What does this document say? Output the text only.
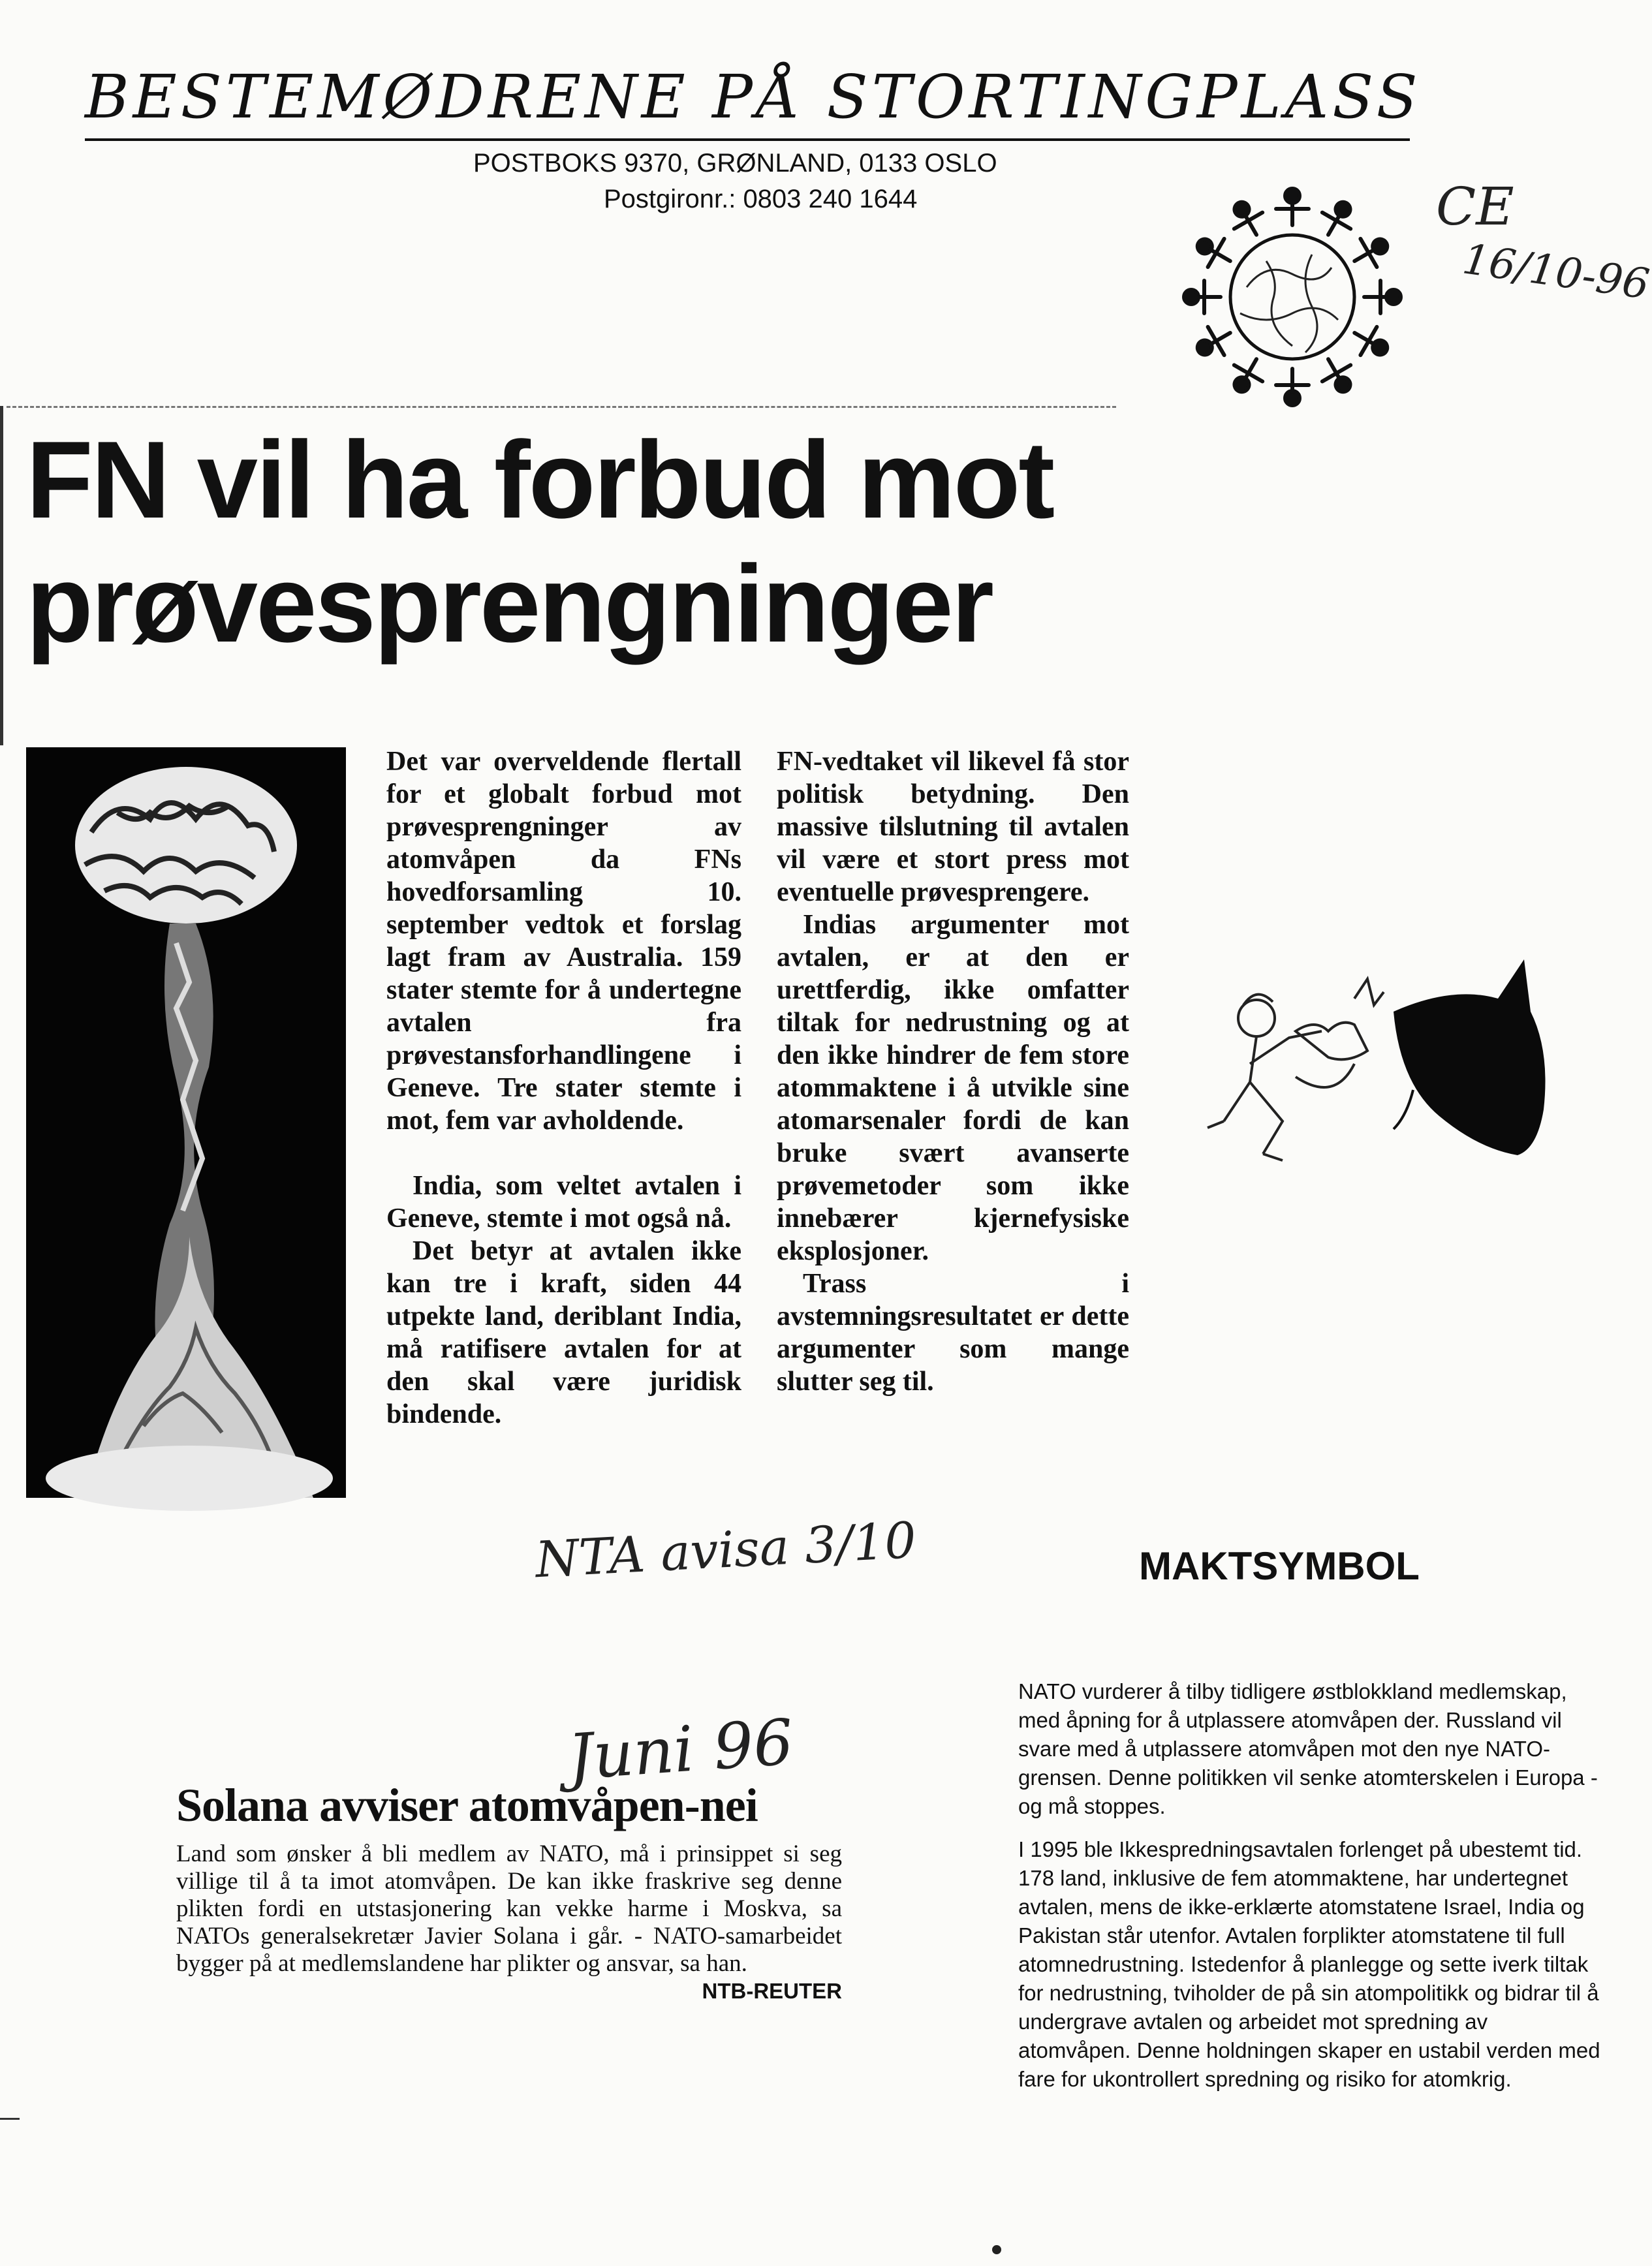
BESTEMØDRENE PÅ STORTINGPLASS
POSTBOKS 9370, GRØNLAND, 0133 OSLO
Postgironr.: 0803 240 1644	CE
16/10-96
FN vil ha forbud mot
prøvesprengninger

Det var overveldende flertall for et globalt forbud mot prøvesprengninger av atomvåpen da FNs hovedforsamling 10. september vedtok et forslag lagt fram av Australia. 159 stater stemte for å undertegne avtalen fra prøvestansforhandlingene i Geneve. Tre stater stemte i mot, fem var avholdende.

India, som veltet avtalen i Geneve, stemte i mot også nå.

Det betyr at avtalen ikke kan tre i kraft, siden 44 utpekte land, deriblant India, må ratifisere avtalen for at den skal være juridisk bindende.

FN-vedtaket vil likevel få stor politisk betydning. Den massive tilslutning til avtalen vil være et stort press mot eventuelle prøvesprengere.

Indias argumenter mot avtalen, er at den er urettferdig, ikke omfatter tiltak for nedrustning og at den ikke hindrer de fem store atommaktene i å utvikle sine atomarsenaler fordi de kan bruke svært avanserte prøvemetoder som ikke innebærer kjernefysiske eksplosjoner.

Trass i avstemningsresultatet er dette argumenter som mange slutter seg til.

NTA avisa 3/10	MAKTSYMBOL

NATO vurderer å tilby tidligere østblokkland medlemskap, med åpning for å utplassere atomvåpen der. Russland vil svare med å utplassere atomvåpen mot den nye NATO-grensen. Denne politikken vil senke atomterskelen i Europa - og må stoppes.

I 1995 ble Ikkespredningsavtalen forlenget på ubestemt tid. 178 land, inklusive de fem atommaktene, har undertegnet avtalen, mens de ikke-erklærte atomstatene Israel, India og Pakistan står utenfor. Avtalen forplikter atomstatene til full atomnedrustning. Istedenfor å planlegge og sette iverk tiltak for nedrustning, tviholder de på sin atompolitikk og bidrar til å undergrave avtalen og arbeidet mot spredning av atomvåpen. Denne holdningen skaper en ustabil verden med fare for ukontrollert spredning og risiko for atomkrig.

Juni 96
Solana avviser atomvåpen-nei
Land som ønsker å bli medlem av NATO, må i prinsippet si seg villige til å ta imot atomvåpen. De kan ikke fraskrive seg denne plikten fordi en utstasjonering kan vekke harme i Moskva, sa NATOs generalsekretær Javier Solana i går. - NATO-samarbeidet bygger på at medlemslandene har plikter og ansvar, sa han.
NTB-REUTER
